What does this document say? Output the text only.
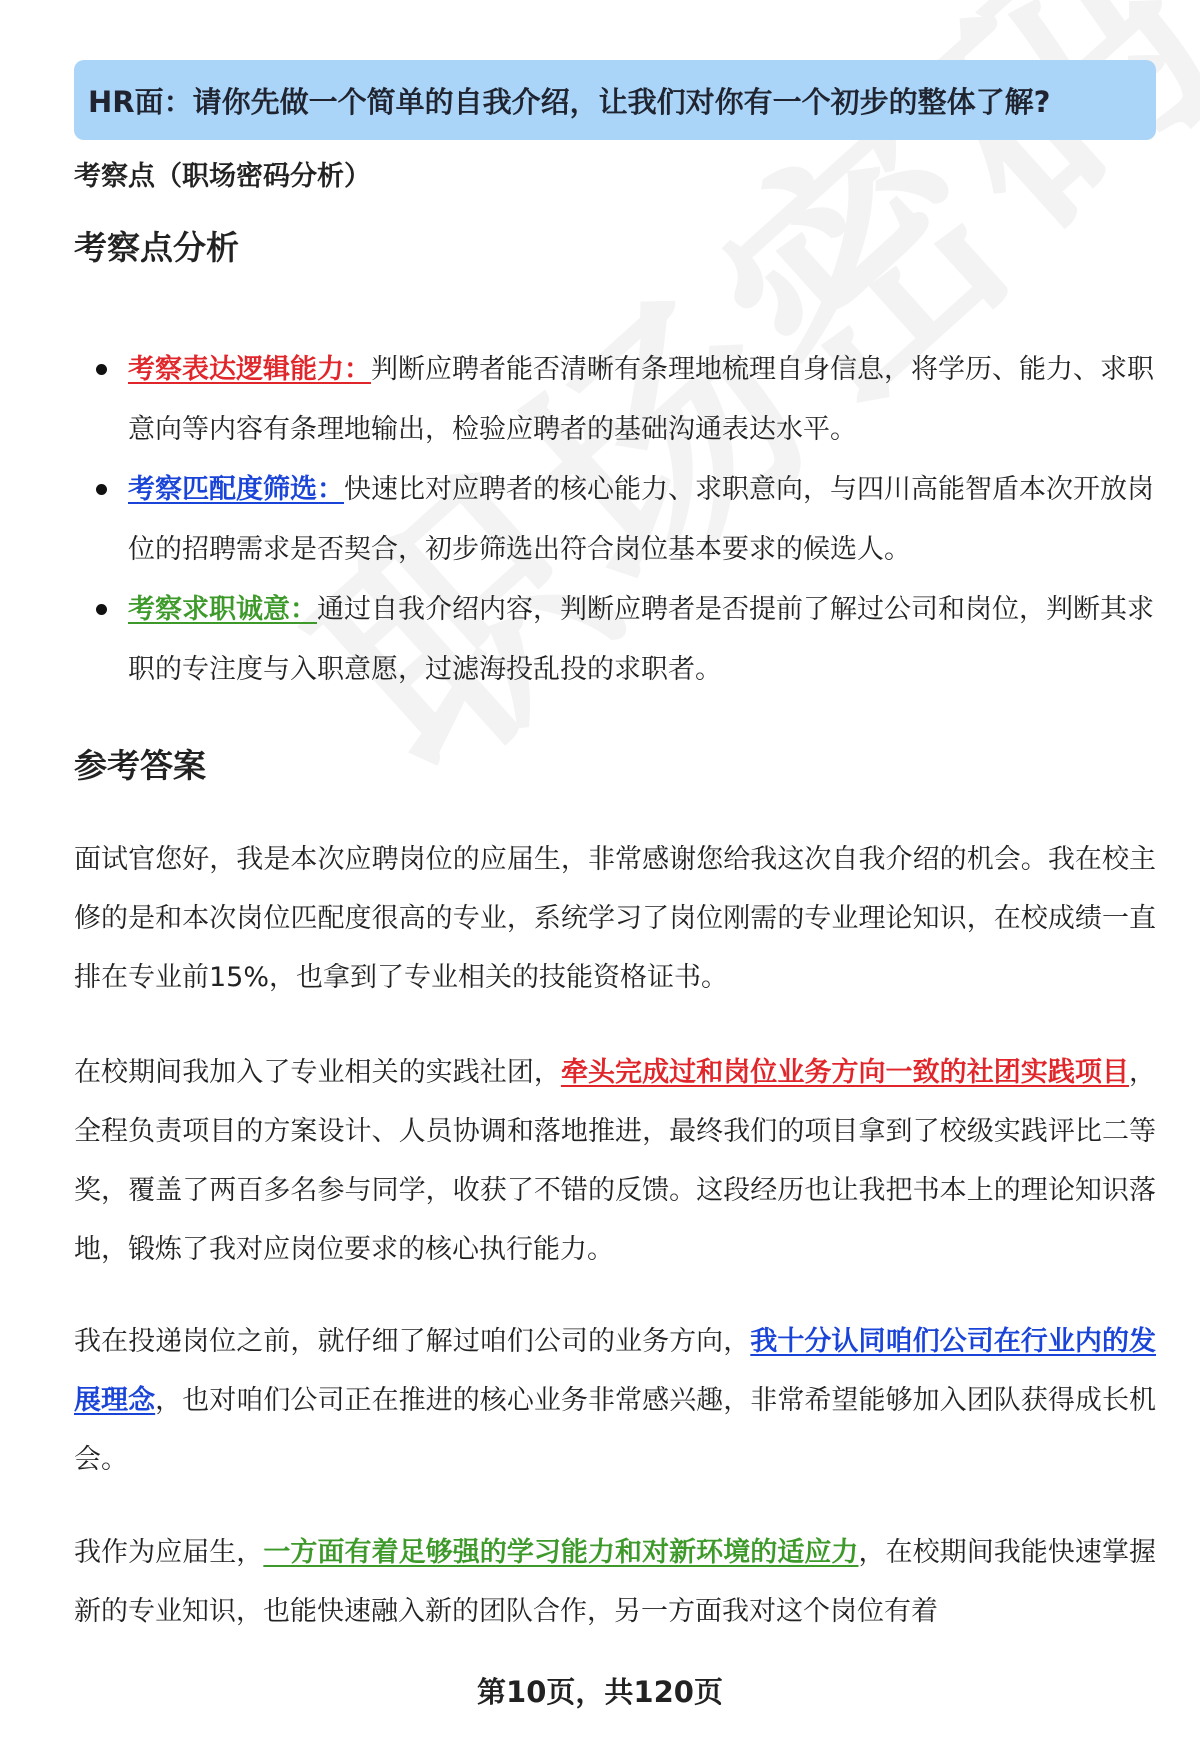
HR面：请你先做一个简单的自我介绍，让我们对你有一个初步的整体了解?
考察点（职场密码分析）
考察点分析
考察表达逻辑能力：判断应聘者能否清晰有条理地梳理自身信息，将学历、能力、求职意向等内容有条理地输出，检验应聘者的基础沟通表达水平。
考察匹配度筛选：快速比对应聘者的核心能力、求职意向，与四川高能智盾本次开放岗位的招聘需求是否契合，初步筛选出符合岗位基本要求的候选人。
考察求职诚意：通过自我介绍内容，判断应聘者是否提前了解过公司和岗位，判断其求职的专注度与入职意愿，过滤海投乱投的求职者。
参考答案

面试官您好，我是本次应聘岗位的应届生，非常感谢您给我这次自我介绍的机会。我在校主修的是和本次岗位匹配度很高的专业，系统学习了岗位刚需的专业理论知识，在校成绩一直排在专业前15%，也拿到了专业相关的技能资格证书。

在校期间我加入了专业相关的实践社团，牵头完成过和岗位业务方向一致的社团实践项目，全程负责项目的方案设计、人员协调和落地推进，最终我们的项目拿到了校级实践评比二等奖，覆盖了两百多名参与同学，收获了不错的反馈。这段经历也让我把书本上的理论知识落地，锻炼了我对应岗位要求的核心执行能力。

我在投递岗位之前，就仔细了解过咱们公司的业务方向，我十分认同咱们公司在行业内的发展理念，也对咱们公司正在推进的核心业务非常感兴趣，非常希望能够加入团队获得成长机会。

我作为应届生，一方面有着足够强的学习能力和对新环境的适应力，在校期间我能快速掌握新的专业知识，也能快速融入新的团队合作，另一方面我对这个岗位有着

第10页，共120页
